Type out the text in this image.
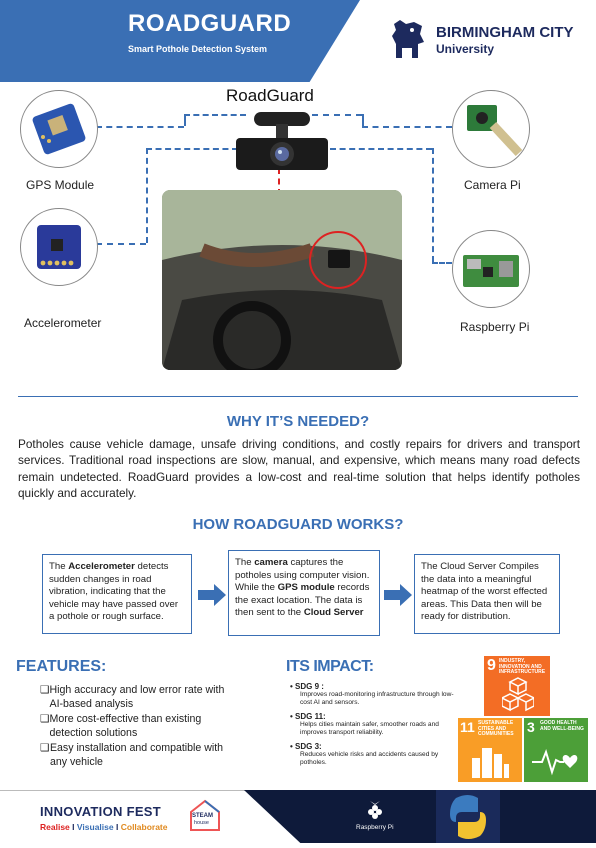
ROADGUARD
Smart Pothole Detection System
BIRMINGHAM CITY
University
GPS Module
Accelerometer
Camera Pi
Raspberry Pi
RoadGuard
WHY IT’S NEEDED?
Potholes cause vehicle damage, unsafe driving conditions, and costly repairs for drivers and transport services. Traditional road inspections are slow, manual, and expensive, which means many road defects remain undetected. RoadGuard provides a low-cost and real-time solution that helps identify potholes quickly and accurately.
HOW ROADGUARD WORKS?
The Accelerometer detects sudden changes in road vibration, indicating that the vehicle may have passed over a pothole or rough surface.
The camera captures the potholes using computer vision. While the GPS module records the exact location. The data is then sent to the Cloud Server
The Cloud Server Compiles the data into a meaningful heatmap of the worst effected areas. This Data then will be ready for distribution.
FEATURES:
❑ High accuracy and low error rate with AI-based analysis
❑ More cost-effective than existing detection solutions
❑ Easy installation and compatible with any vehicle
ITS IMPACT:
• SDG 9 :
Improves road-monitoring infrastructure through low-cost AI and sensors.
• SDG 11:
Helps cities maintain safer, smoother roads and improves transport reliability.
• SDG 3:
Reduces vehicle risks and accidents caused by potholes.
9 INDUSTRY, INNOVATION AND INFRASTRUCTURE
11 SUSTAINABLE CITIES AND COMMUNITIES 3 GOOD HEALTH AND WELL-BEING
INNOVATION FEST
Realise I Visualise I Collaborate
STEAM
house
Raspberry Pi
